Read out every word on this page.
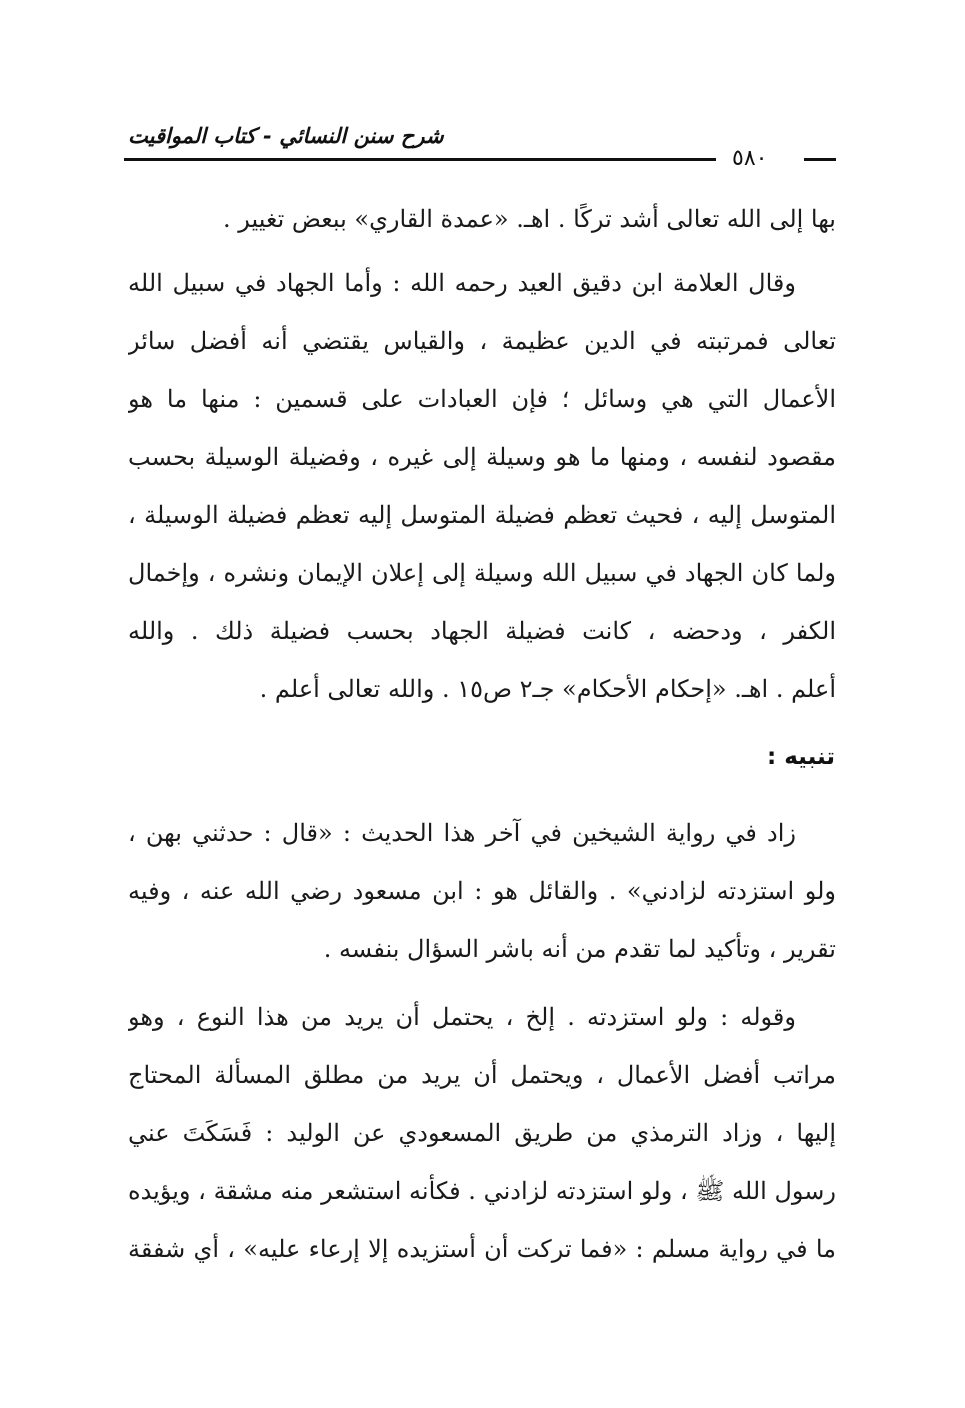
شرح سنن النسائي - كتاب المواقيت
٥٨٠
بها إلى الله تعالى أشد تركًا . اهـ. «عمدة القاري» ببعض تغيير .
وقال العلامة ابن دقيق العيد رحمه الله : وأما الجهاد في سبيل الله
تعالى فمرتبته في الدين عظيمة ، والقياس يقتضي أنه أفضل سائر
الأعمال التي هي وسائل ؛ فإن العبادات على قسمين : منها ما هو
مقصود لنفسه ، ومنها ما هو وسيلة إلى غيره ، وفضيلة الوسيلة بحسب
المتوسل إليه ، فحيث تعظم فضيلة المتوسل إليه تعظم فضيلة الوسيلة ،
ولما كان الجهاد في سبيل الله وسيلة إلى إعلان الإيمان ونشره ، وإخمال
الكفر ، ودحضه ، كانت فضيلة الجهاد بحسب فضيلة ذلك . والله
أعلم . اهـ. «إحكام الأحكام» جـ٢ ص١٥ . والله تعالى أعلم .
تنبيه :
زاد في رواية الشيخين في آخر هذا الحديث : «قال : حدثني بهن ،
ولو استزدته لزادني» . والقائل هو : ابن مسعود رضي الله عنه ، وفيه
تقرير ، وتأكيد لما تقدم من أنه باشر السؤال بنفسه .
وقوله : ولو استزدته . إلخ ، يحتمل أن يريد من هذا النوع ، وهو
مراتب أفضل الأعمال ، ويحتمل أن يريد من مطلق المسألة المحتاج
إليها ، وزاد الترمذي من طريق المسعودي عن الوليد : فَسَكَتَ عني
رسول الله ﷺ ، ولو استزدته لزادني . فكأنه استشعر منه مشقة ، ويؤيده
ما في رواية مسلم : «فما تركت أن أستزيده إلا إرعاء عليه» ، أي شفقة
